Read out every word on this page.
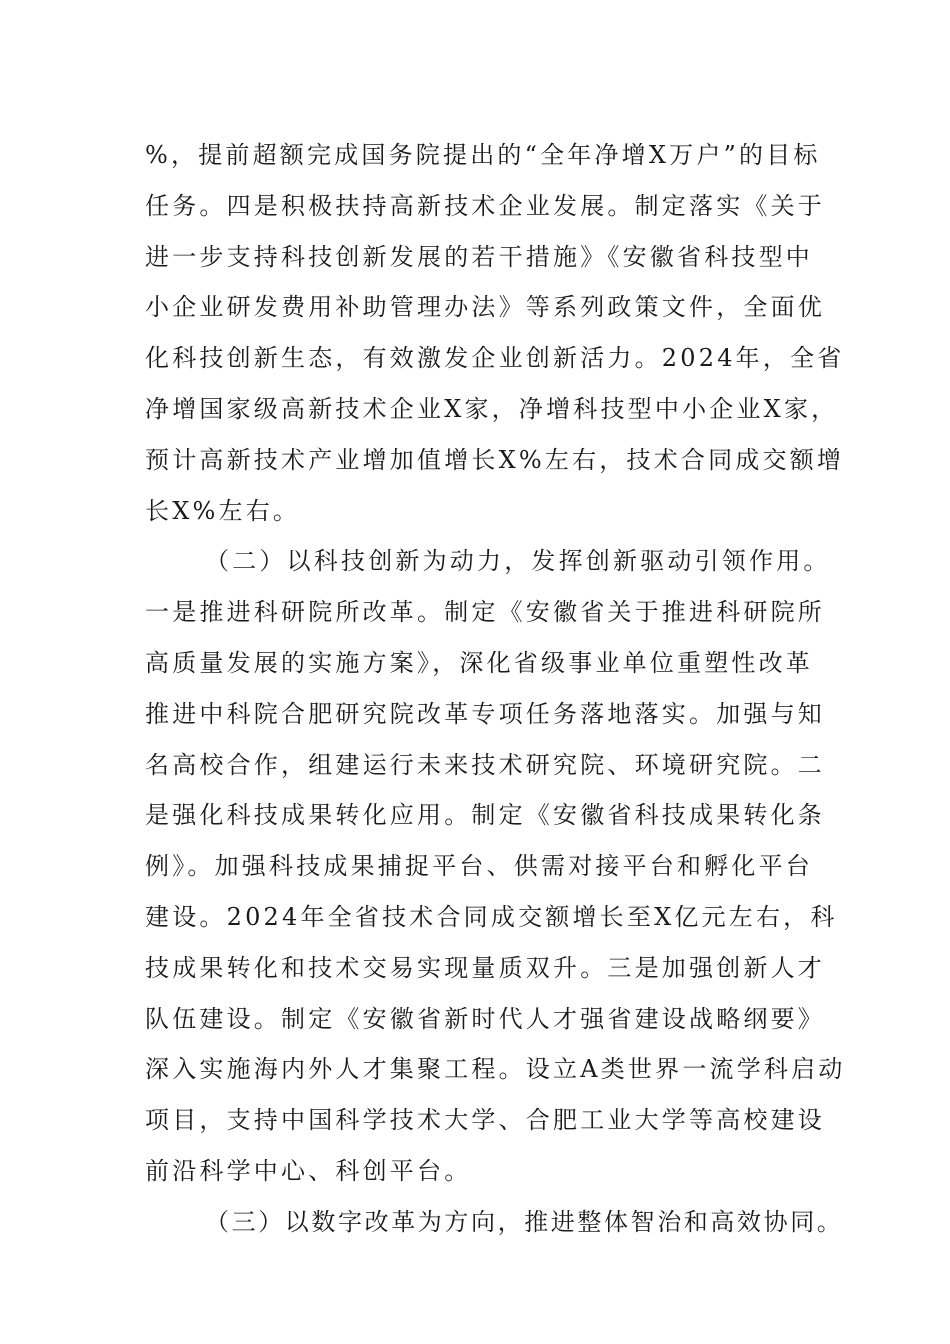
%，提前超额完成国务院提出的“全年净增X万户”的目标
任务。四是积极扶持高新技术企业发展。制定落实《关于
进一步支持科技创新发展的若干措施》《安徽省科技型中
小企业研发费用补助管理办法》等系列政策文件，全面优
化科技创新生态，有效激发企业创新活力。2024年，全省
净增国家级高新技术企业X家，净增科技型中小企业X家，
预计高新技术产业增加值增长X%左右，技术合同成交额增
长X%左右。
（二）以科技创新为动力，发挥创新驱动引领作用。
一是推进科研院所改革。制定《安徽省关于推进科研院所
高质量发展的实施方案》，深化省级事业单位重塑性改革
推进中科院合肥研究院改革专项任务落地落实。加强与知
名高校合作，组建运行未来技术研究院、环境研究院。二
是强化科技成果转化应用。制定《安徽省科技成果转化条
例》。加强科技成果捕捉平台、供需对接平台和孵化平台
建设。2024年全省技术合同成交额增长至X亿元左右，科
技成果转化和技术交易实现量质双升。三是加强创新人才
队伍建设。制定《安徽省新时代人才强省建设战略纲要》
深入实施海内外人才集聚工程。设立A类世界一流学科启动
项目，支持中国科学技术大学、合肥工业大学等高校建设
前沿科学中心、科创平台。
（三）以数字改革为方向，推进整体智治和高效协同。
